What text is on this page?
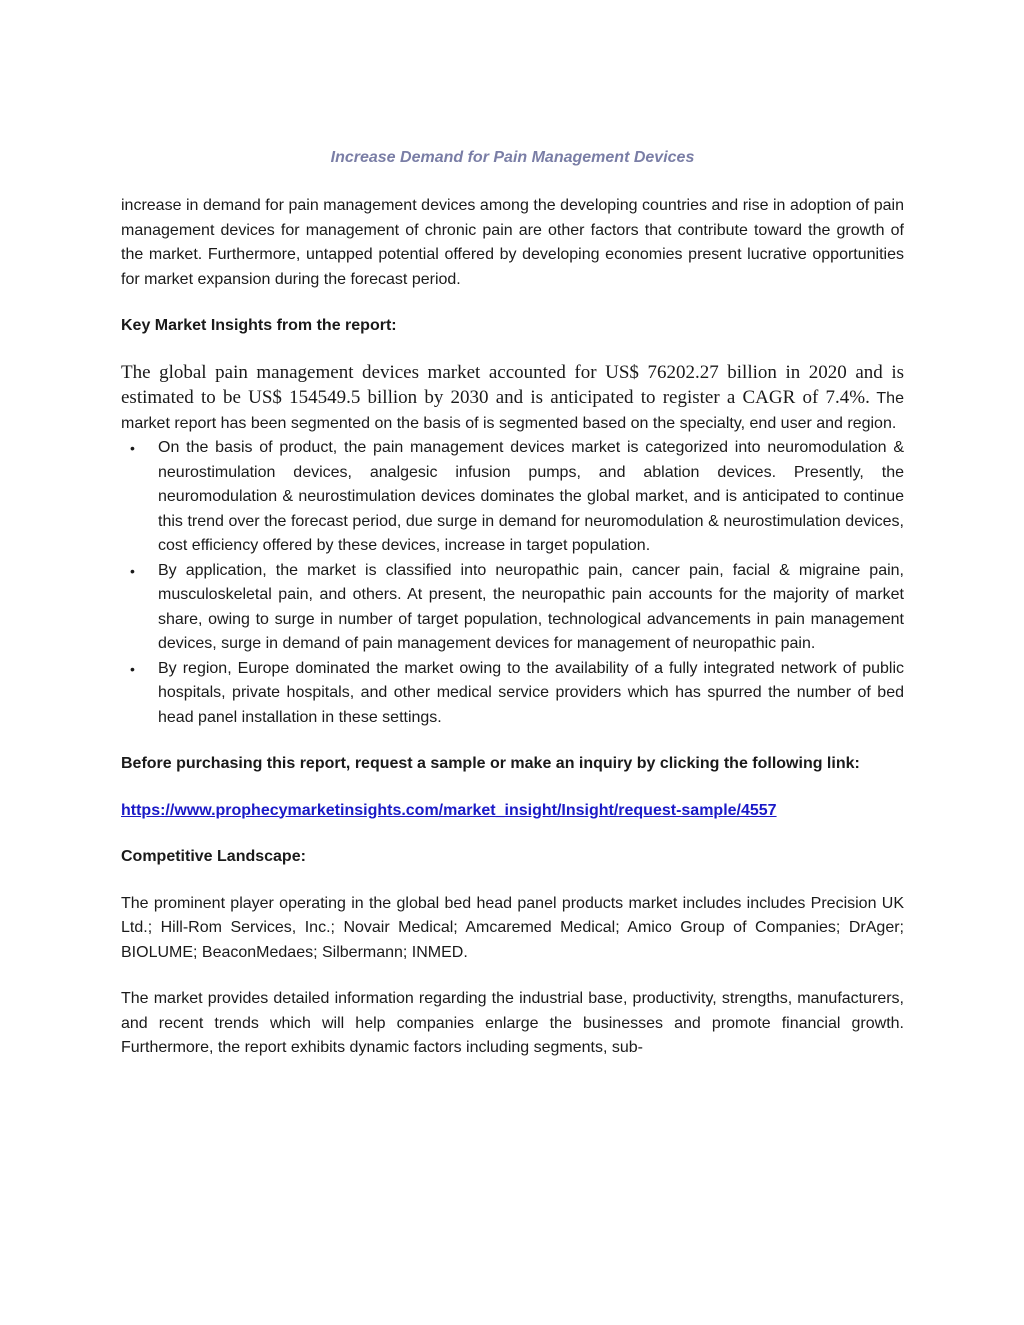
Increase Demand for Pain Management Devices

increase in demand for pain management devices among the developing countries and rise in adoption of pain management devices for management of chronic pain are other factors that contribute toward the growth of the market. Furthermore, untapped potential offered by developing economies present lucrative opportunities for market expansion during the forecast period.

Key Market Insights from the report:

The global pain management devices market accounted for US$ 76202.27 billion in 2020 and is estimated to be US$ 154549.5 billion by 2030 and is anticipated to register a CAGR of 7.4%. The market report has been segmented on the basis of is segmented based on the specialty, end user and region.

• On the basis of product, the pain management devices market is categorized into neuromodulation & neurostimulation devices, analgesic infusion pumps, and ablation devices. Presently, the neuromodulation & neurostimulation devices dominates the global market, and is anticipated to continue this trend over the forecast period, due surge in demand for neuromodulation & neurostimulation devices, cost efficiency offered by these devices, increase in target population.
• By application, the market is classified into neuropathic pain, cancer pain, facial & migraine pain, musculoskeletal pain, and others. At present, the neuropathic pain accounts for the majority of market share, owing to surge in number of target population, technological advancements in pain management devices, surge in demand of pain management devices for management of neuropathic pain.
• By region, Europe dominated the market owing to the availability of a fully integrated network of public hospitals, private hospitals, and other medical service providers which has spurred the number of bed head panel installation in these settings.

Before purchasing this report, request a sample or make an inquiry by clicking the following link:

https://www.prophecymarketinsights.com/market_insight/Insight/request-sample/4557

Competitive Landscape:

The prominent player operating in the global bed head panel products market includes includes Precision UK Ltd.; Hill-Rom Services, Inc.; Novair Medical; Amcaremed Medical; Amico Group of Companies; DrAger; BIOLUME; BeaconMedaes; Silbermann; INMED.

The market provides detailed information regarding the industrial base, productivity, strengths, manufacturers, and recent trends which will help companies enlarge the businesses and promote financial growth. Furthermore, the report exhibits dynamic factors including segments, sub-
